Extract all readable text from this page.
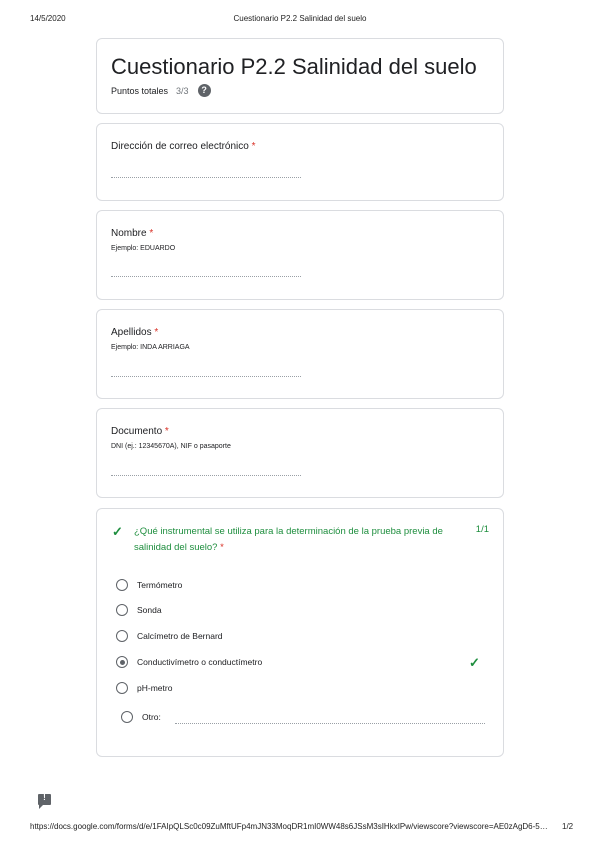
14/5/2020	Cuestionario P2.2 Salinidad del suelo
Cuestionario P2.2 Salinidad del suelo
Puntos totales 3/3	?
Dirección de correo electrónico *
Nombre *
Ejemplo: EDUARDO
Apellidos *
Ejemplo: INDA ARRIAGA
Documento *
DNI (ej.: 12345670A), NIF o pasaporte
✓ ¿Qué instrumental se utiliza para la determinación de la prueba previa de salinidad del suelo? *
1/1
Termómetro
Sonda
Calcímetro de Bernard
Conductivímetro o conductímetro	✓
pH-metro
Otro:
!
https://docs.google.com/forms/d/e/1FAIpQLSc0c09ZuMftUFp4mJN33MoqDR1mI0WW48s6JSsM3sIHkxIPw/viewscore?viewscore=AE0zAgD6-5… 1/2
